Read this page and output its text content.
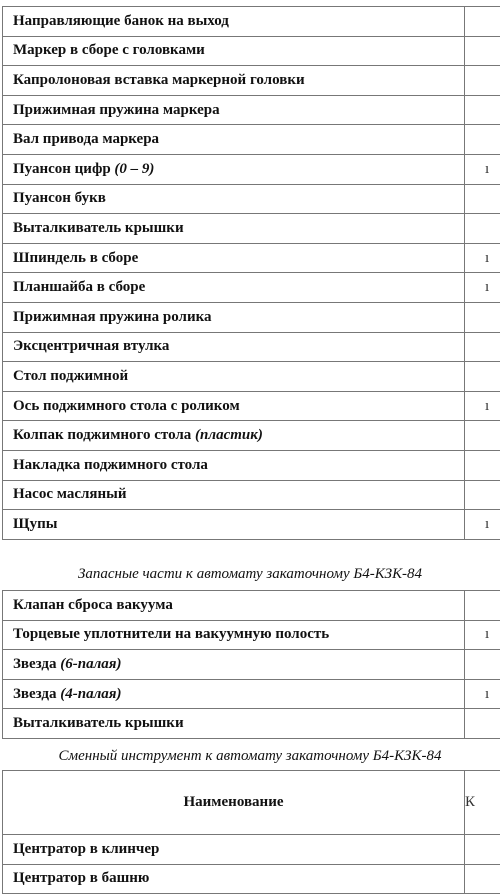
Направляющие банок на выход	
Маркер в сборе с головками	
Капролоновая вставка маркерной головки	
Прижимная пружина маркера	
Вал привода маркера	
Пуансон цифр (0 – 9)	ı
Пуансон букв	
Выталкиватель крышки	
Шпиндель в сборе	ı
Планшайба в сборе	ı
Прижимная пружина ролика	
Эксцентричная втулка	
Стол поджимной	
Ось поджимного стола с роликом	ı
Колпак поджимного стола (пластик)	
Накладка поджимного стола	
Насос масляный	
Щупы	ı
Запасные части к автомату закаточному Б4-КЗК-84
Клапан сброса вакуума	
Торцевые уплотнители на вакуумную полость	ı
Звезда (6-палая)	
Звезда (4-палая)	ı
Выталкиватель крышки	
Сменный инструмент к автомату закаточному Б4-КЗК-84
Наименование	К
Центратор в клинчер	
Центратор в башню	
